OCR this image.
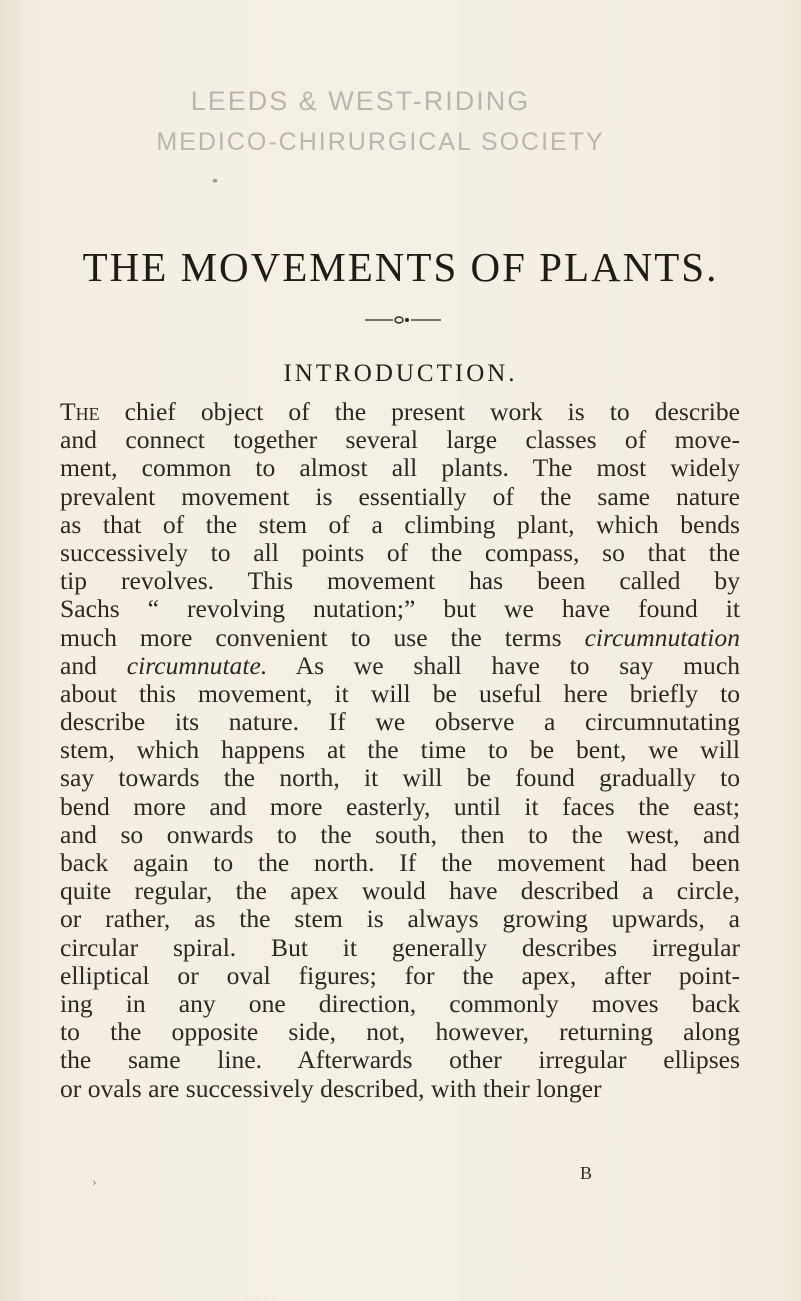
LEEDS & WEST-RIDING
MEDICO-CHIRURGICAL SOCIETY
*
THE MOVEMENTS OF PLANTS.
INTRODUCTION.
The chief object of the present work is to describe
and connect together several large classes of move-
ment, common to almost all plants. The most widely
prevalent movement is essentially of the same nature
as that of the stem of a climbing plant, which bends
successively to all points of the compass, so that the
tip revolves. This movement has been called by
Sachs “ revolving nutation;” but we have found it
much more convenient to use the terms circumnutation
and circumnutate. As we shall have to say much
about this movement, it will be useful here briefly to
describe its nature. If we observe a circumnutating
stem, which happens at the time to be bent, we will
say towards the north, it will be found gradually to
bend more and more easterly, until it faces the east;
and so onwards to the south, then to the west, and
back again to the north. If the movement had been
quite regular, the apex would have described a circle,
or rather, as the stem is always growing upwards, a
circular spiral. But it generally describes irregular
elliptical or oval figures; for the apex, after point-
ing in any one direction, commonly moves back
to the opposite side, not, however, returning along
the same line. Afterwards other irregular ellipses
or ovals are successively described, with their longer
›	B
